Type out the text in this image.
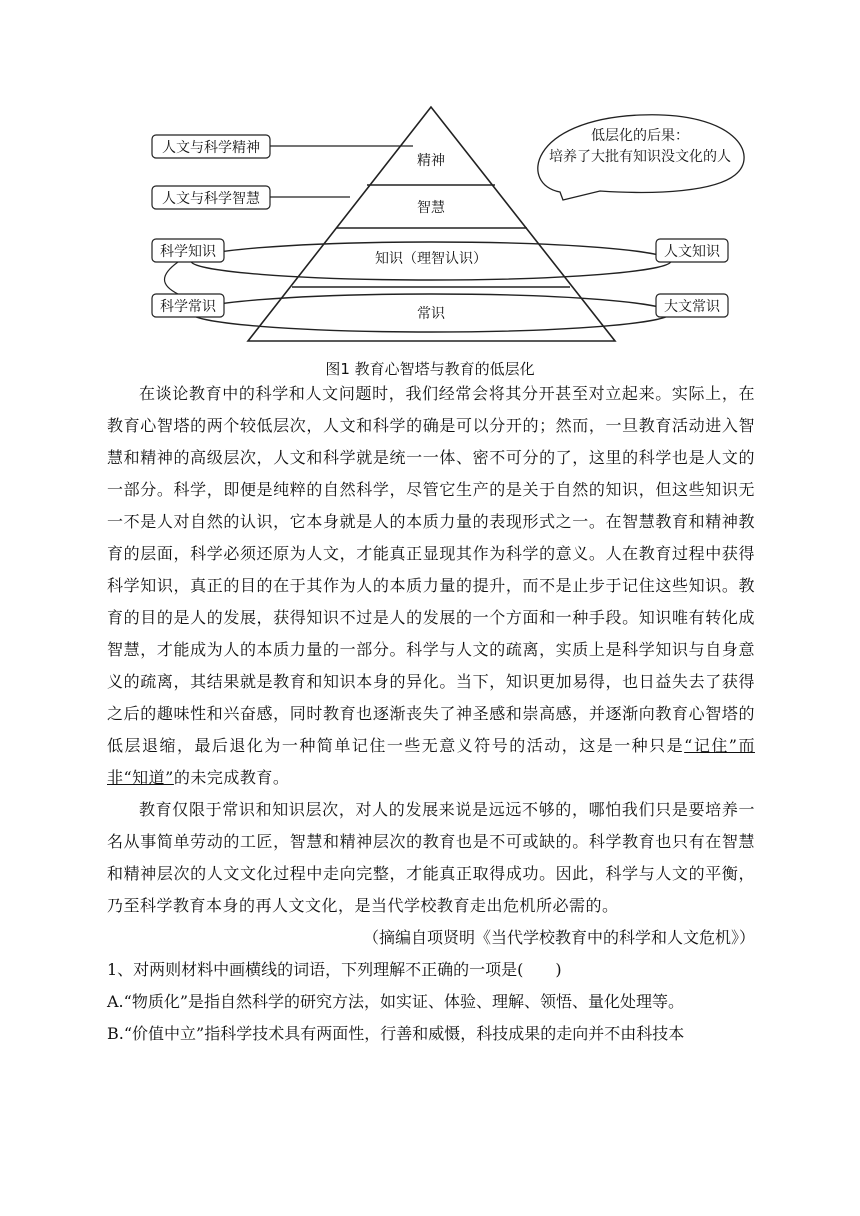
精神
智慧
知识（理智认识）
常识
人文与科学精神
人文与科学智慧
科学知识
科学常识
人文知识
大文常识
低层化的后果：
培养了大批有知识没文化的人
图1 教育心智塔与教育的低层化

在谈论教育中的科学和人文问题时，我们经常会将其分开甚至对立起来。实际上，在教育心智塔的两个较低层次，人文和科学的确是可以分开的；然而，一旦教育活动进入智慧和精神的高级层次，人文和科学就是统一一体、密不可分的了，这里的科学也是人文的一部分。科学，即便是纯粹的自然科学，尽管它生产的是关于自然的知识，但这些知识无一不是人对自然的认识，它本身就是人的本质力量的表现形式之一。在智慧教育和精神教育的层面，科学必须还原为人文，才能真正显现其作为科学的意义。人在教育过程中获得科学知识，真正的目的在于其作为人的本质力量的提升，而不是止步于记住这些知识。教育的目的是人的发展，获得知识不过是人的发展的一个方面和一种手段。知识唯有转化成智慧，才能成为人的本质力量的一部分。科学与人文的疏离，实质上是科学知识与自身意义的疏离，其结果就是教育和知识本身的异化。当下，知识更加易得，也日益失去了获得之后的趣味性和兴奋感，同时教育也逐渐丧失了神圣感和崇高感，并逐渐向教育心智塔的低层退缩，最后退化为一种简单记住一些无意义符号的活动，这是一种只是“记住”而非“知道”的未完成教育。

教育仅限于常识和知识层次，对人的发展来说是远远不够的，哪怕我们只是要培养一名从事简单劳动的工匠，智慧和精神层次的教育也是不可或缺的。科学教育也只有在智慧和精神层次的人文文化过程中走向完整，才能真正取得成功。因此，科学与人文的平衡，乃至科学教育本身的再人文文化，是当代学校教育走出危机所必需的。

（摘编自项贤明《当代学校教育中的科学和人文危机》）

1、对两则材料中画横线的词语，下列理解不正确的一项是(　　)

A.“物质化”是指自然科学的研究方法，如实证、体验、理解、领悟、量化处理等。

B.“价值中立”指科学技术具有两面性，行善和威慑，科技成果的走向并不由科技本
